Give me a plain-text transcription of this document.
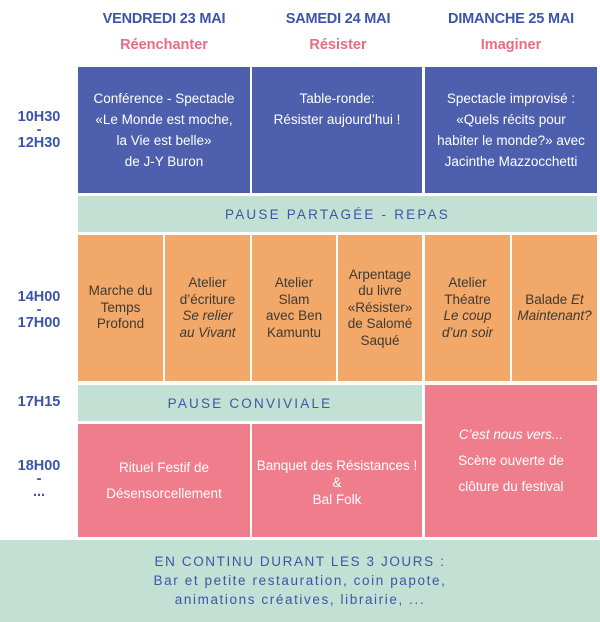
VENDREDI 23 MAI
Réenchanter
SAMEDI 24 MAI
Résister
DIMANCHE 25 MAI
Imaginer
10H30
-
12H30
14H00
-
17H00
17H15
18H00
-
...
Conférence - Spectacle
«Le Monde est moche,
la Vie est belle»
de J-Y Buron
Table-ronde:
Résister aujourd’hui !
Spectacle improvisé :
«Quels récits pour
habiter le monde?» avec
Jacinthe Mazzocchetti
PAUSE PARTAGÉE - REPAS
Marche du
Temps
Profond
Atelier
d’écriture
Se relier
au Vivant
Atelier
Slam
avec Ben
Kamuntu
Arpentage
du livre
«Résister»
de Salomé
Saqué
Atelier
Théatre
Le coup
d’un soir
Balade Et
Maintenant?
PAUSE CONVIVIALE
Rituel Festif de
Désensorcellement
Banquet des Résistances !
&
Bal Folk
C’est nous vers...
Scène ouverte de
clôture du festival
EN CONTINU DURANT LES 3 JOURS :
Bar et petite restauration, coin papote,
animations créatives, librairie, ...
